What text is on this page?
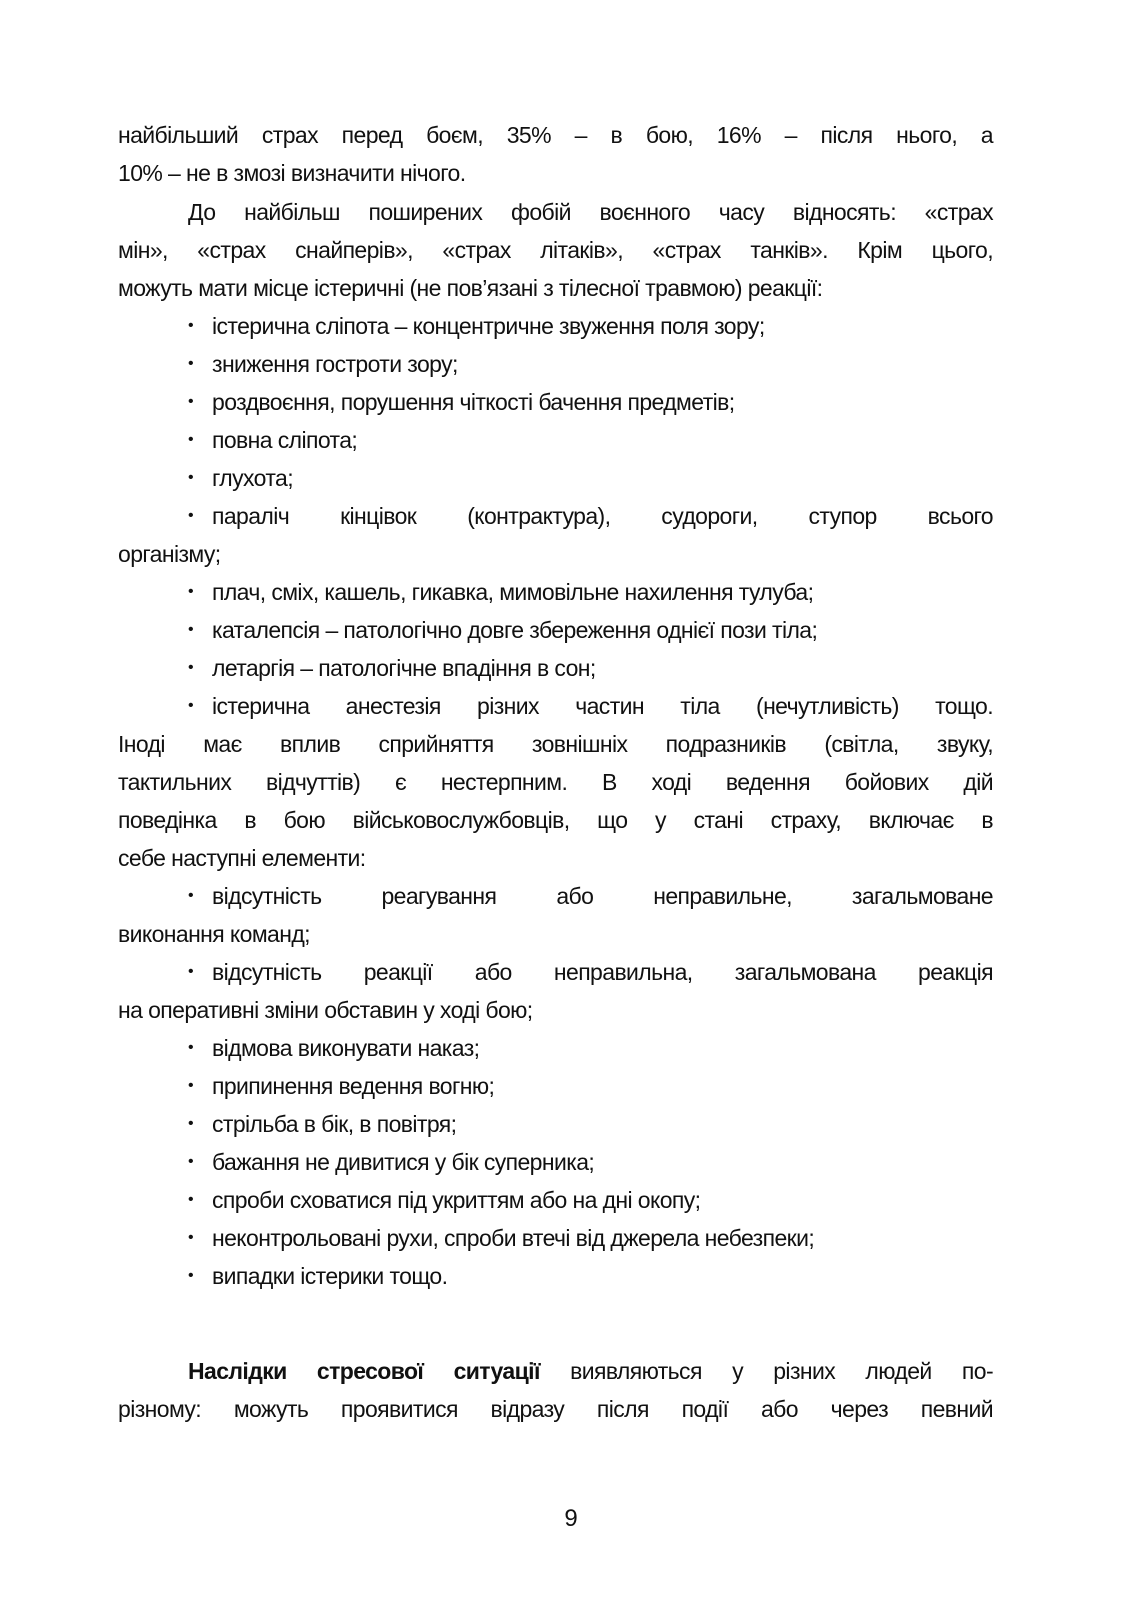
найбільший страх перед боєм, 35% – в бою, 16% – після нього, а
10% – не в змозі визначити нічого.
До найбільш поширених фобій воєнного часу відносять: «страх
мін», «страх снайперів», «страх літаків», «страх танків». Крім цього,
можуть мати місце істеричні (не пов’язані з тілесної травмою) реакції:
• істерична сліпота – концентричне звуження поля зору;
• зниження гостроти зору;
• роздвоєння, порушення чіткості бачення предметів;
• повна сліпота;
• глухота;
• параліч кінцівок (контрактура), судороги, ступор всього
організму;
• плач, сміх, кашель, гикавка, мимовільне нахилення тулуба;
• каталепсія – патологічно довге збереження однієї пози тіла;
• летаргія – патологічне впадіння в сон;
• істерична анестезія різних частин тіла (нечутливість) тощо.
Іноді має вплив сприйняття зовнішніх подразників (світла, звуку,
тактильних відчуттів) є нестерпним. В ході ведення бойових дій
поведінка в бою військовослужбовців, що у стані страху, включає в
себе наступні елементи:
• відсутність реагування або неправильне, загальмоване
виконання команд;
• відсутність реакції або неправильна, загальмована реакція
на оперативні зміни обставин у ході бою;
• відмова виконувати наказ;
• припинення ведення вогню;
• стрільба в бік, в повітря;
• бажання не дивитися у бік суперника;
• спроби сховатися під укриттям або на дні окопу;
• неконтрольовані рухи, спроби втечі від джерела небезпеки;
• випадки істерики тощо.
Наслідки стресової ситуації виявляються у різних людей по-
різному: можуть проявитися відразу після події або через певний
9
